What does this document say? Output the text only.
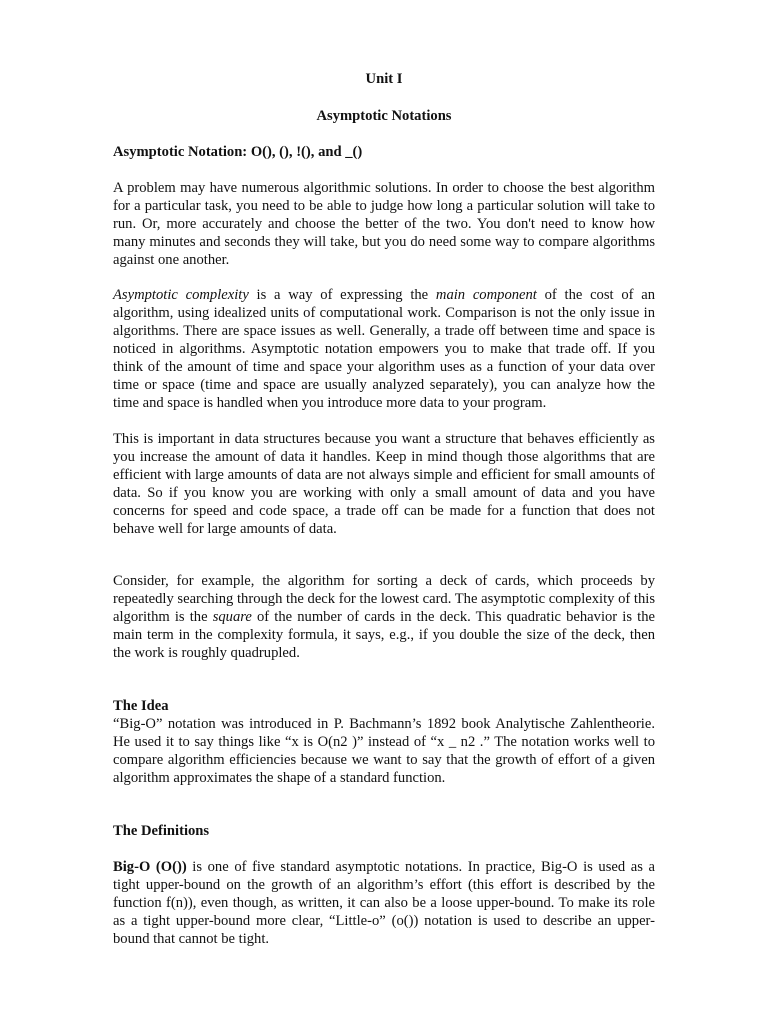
Unit I
Asymptotic Notations
Asymptotic Notation: O(), (), !(), and _()

A problem may have numerous algorithmic solutions. In order to choose the best algorithm for a particular task, you need to be able to judge how long a particular solution will take to run. Or, more accurately and choose the better of the two. You don't need to know how many minutes and seconds they will take, but you do need some way to compare algorithms against one another.

Asymptotic complexity is a way of expressing the main component of the cost of an algorithm, using idealized units of computational work. Comparison is not the only issue in algorithms. There are space issues as well. Generally, a trade off between time and space is noticed in algorithms. Asymptotic notation empowers you to make that trade off. If you think of the amount of time and space your algorithm uses as a function of your data over time or space (time and space are usually analyzed separately), you can analyze how the time and space is handled when you introduce more data to your program.

This is important in data structures because you want a structure that behaves efficiently as you increase the amount of data it handles. Keep in mind though those algorithms that are efficient with large amounts of data are not always simple and efficient for small amounts of data. So if you know you are working with only a small amount of data and you have concerns for speed and code space, a trade off can be made for a function that does not behave well for large amounts of data.

Consider, for example, the algorithm for sorting a deck of cards, which proceeds by repeatedly searching through the deck for the lowest card. The asymptotic complexity of this algorithm is the square of the number of cards in the deck. This quadratic behavior is the main term in the complexity formula, it says, e.g., if you double the size of the deck, then the work is roughly quadrupled.

The Idea

“Big-O” notation was introduced in P. Bachmann’s 1892 book Analytische Zahlentheorie. He used it to say things like “x is O(n2 )” instead of “x _ n2 .” The notation works well to compare algorithm efficiencies because we want to say that the growth of effort of a given algorithm approximates the shape of a standard function.

The Definitions

Big-O (O()) is one of five standard asymptotic notations. In practice, Big-O is used as a tight upper-bound on the growth of an algorithm’s effort (this effort is described by the function f(n)), even though, as written, it can also be a loose upper-bound. To make its role as a tight upper-bound more clear, “Little-o” (o()) notation is used to describe an upper-bound that cannot be tight.
